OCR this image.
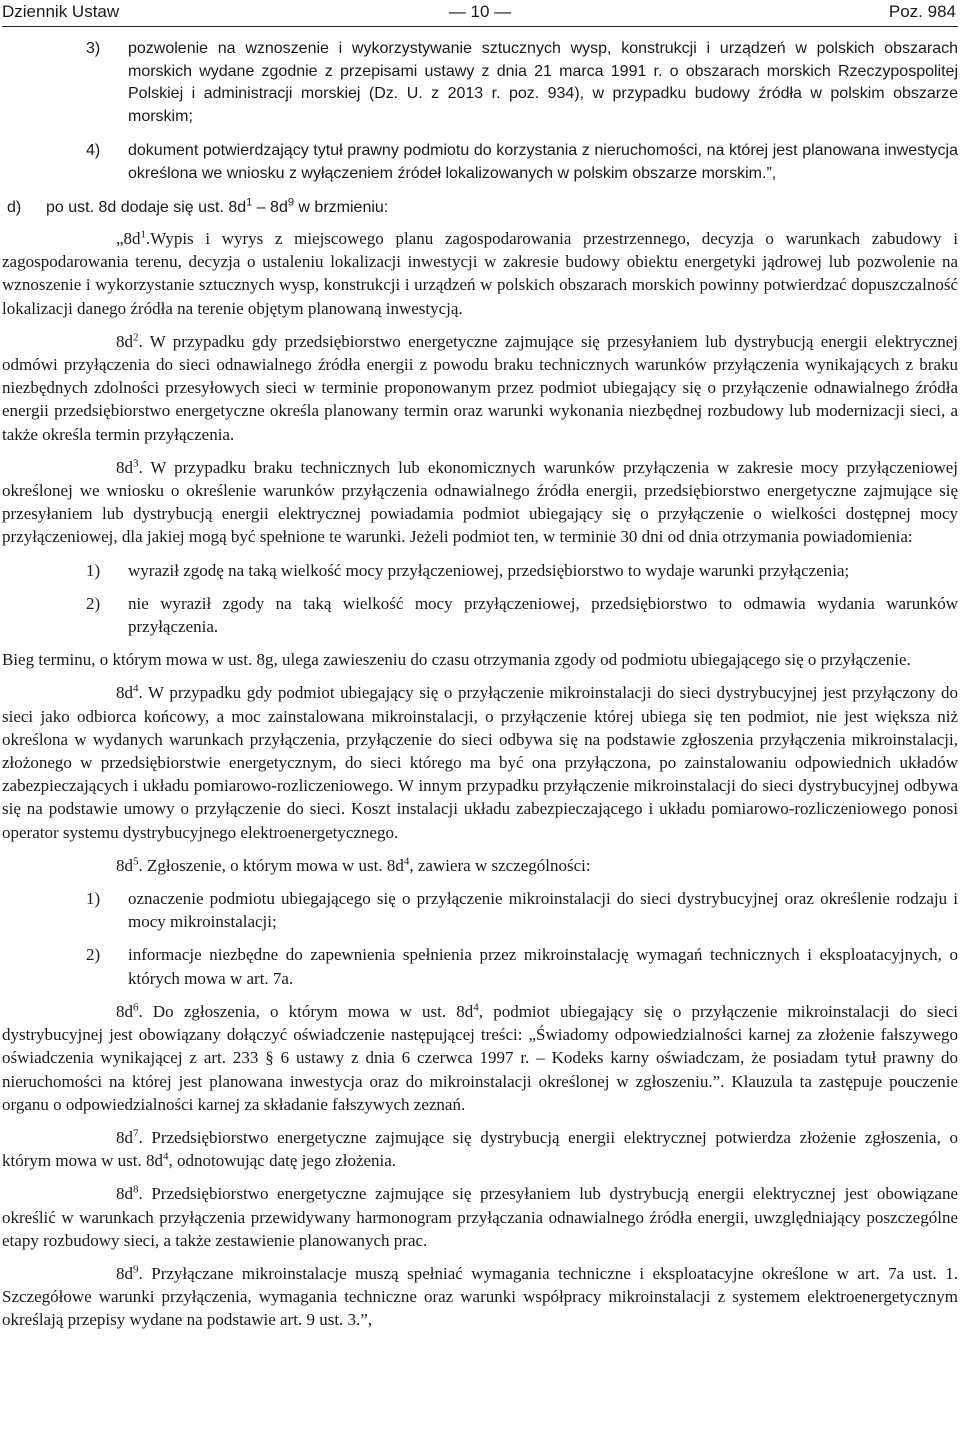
Dziennik Ustaw	— 10 —	Poz. 984
3)	pozwolenie na wznoszenie i wykorzystywanie sztucznych wysp, konstrukcji i urządzeń w polskich obszarach morskich wydane zgodnie z przepisami ustawy z dnia 21 marca 1991 r. o obszarach morskich Rzeczypospolitej Polskiej i administracji morskiej (Dz. U. z 2013 r. poz. 934), w przypadku budowy źródła w polskim obszarze morskim;
4)	dokument potwierdzający tytuł prawny podmiotu do korzystania z nieruchomości, na której jest planowana inwestycja określona we wniosku z wyłączeniem źródeł lokalizowanych w polskim obszarze morskim.”,
d) po ust. 8d dodaje się ust. $8d^1 - 8d^9$ w brzmieniu:

$„8d^1.Wypis$ i wyrys z miejscowego planu zagospodarowania przestrzennego, decyzja o warunkach zabudowy i zagospodarowania terenu, decyzja o ustaleniu lokalizacji inwestycji w zakresie budowy obiektu energetyki jądrowej lub pozwolenie na wznoszenie i wykorzystanie sztucznych wysp, konstrukcji i urządzeń w polskich obszarach morskich powinny potwierdzać dopuszczalność lokalizacji danego źródła na terenie objętym planowaną inwestycją.

$8d^2$. W przypadku gdy przedsiębiorstwo energetyczne zajmujące się przesyłaniem lub dystrybucją energii elektrycznej odmówi przyłączenia do sieci odnawialnego źródła energii z powodu braku technicznych warunków przyłączenia wynikających z braku niezbędnych zdolności przesyłowych sieci w terminie proponowanym przez podmiot ubiegający się o przyłączenie odnawialnego źródła energii przedsiębiorstwo energetyczne określa planowany termin oraz warunki wykonania niezbędnej rozbudowy lub modernizacji sieci, a także określa termin przyłączenia.

$8d^3$. W przypadku braku technicznych lub ekonomicznych warunków przyłączenia w zakresie mocy przyłączeniowej określonej we wniosku o określenie warunków przyłączenia odnawialnego źródła energii, przedsiębiorstwo energetyczne zajmujące się przesyłaniem lub dystrybucją energii elektrycznej powiadamia podmiot ubiegający się o przyłączenie o wielkości dostępnej mocy przyłączeniowej, dla jakiej mogą być spełnione te warunki. Jeżeli podmiot ten, w terminie 30 dni od dnia otrzymania powiadomienia:

1) wyraził zgodę na taką wielkość mocy przyłączeniowej, przedsiębiorstwo to wydaje warunki przyłączenia;
2) nie wyraził zgody na taką wielkość mocy przyłączeniowej, przedsiębiorstwo to odmawia wydania warunków przyłączenia.

Bieg terminu, o którym mowa w ust. 8g, ulega zawieszeniu do czasu otrzymania zgody od podmiotu ubiegającego się o przyłączenie.

$8d^4$. W przypadku gdy podmiot ubiegający się o przyłączenie mikroinstalacji do sieci dystrybucyjnej jest przyłączony do sieci jako odbiorca końcowy, a moc zainstalowana mikroinstalacji, o przyłączenie której ubiega się ten podmiot, nie jest większa niż określona w wydanych warunkach przyłączenia, przyłączenie do sieci odbywa się na podstawie zgłoszenia przyłączenia mikroinstalacji, złożonego w przedsiębiorstwie energetycznym, do sieci którego ma być ona przyłączona, po zainstalowaniu odpowiednich układów zabezpieczających i układu pomiarowo-rozliczeniowego. W innym przypadku przyłączenie mikroinstalacji do sieci dystrybucyjnej odbywa się na podstawie umowy o przyłączenie do sieci. Koszt instalacji układu zabezpieczającego i układu pomiarowo-rozliczeniowego ponosi operator systemu dystrybucyjnego elektroenergetycznego.

$8d^5$. Zgłoszenie, o którym mowa w ust. $8d^4$, zawiera w szczególności:

1) oznaczenie podmiotu ubiegającego się o przyłączenie mikroinstalacji do sieci dystrybucyjnej oraz określenie rodzaju i mocy mikroinstalacji;
2) informacje niezbędne do zapewnienia spełnienia przez mikroinstalację wymagań technicznych i eksploatacyjnych, o których mowa w art. 7a.

$8d^6$. Do zgłoszenia, o którym mowa w ust. $8d^4$, podmiot ubiegający się o przyłączenie mikroinstalacji do sieci dystrybucyjnej jest obowiązany dołączyć oświadczenie następującej treści: „Świadomy odpowiedzialności karnej za złożenie fałszywego oświadczenia wynikającej z art. 233 § 6 ustawy z dnia 6 czerwca 1997 r. – Kodeks karny oświadczam, że posiadam tytuł prawny do nieruchomości na której jest planowana inwestycja oraz do mikroinstalacji określonej w zgłoszeniu.”. Klauzula ta zastępuje pouczenie organu o odpowiedzialności karnej za składanie fałszywych zeznań.

$8d^7$. Przedsiębiorstwo energetyczne zajmujące się dystrybucją energii elektrycznej potwierdza złożenie zgłoszenia, o którym mowa w ust. $8d^4$, odnotowując datę jego złożenia.

$8d^8$. Przedsiębiorstwo energetyczne zajmujące się przesyłaniem lub dystrybucją energii elektrycznej jest obowiązane określić w warunkach przyłączenia przewidywany harmonogram przyłączania odnawialnego źródła energii, uwzględniający poszczególne etapy rozbudowy sieci, a także zestawienie planowanych prac.

$8d^9$. Przyłączane mikroinstalacje muszą spełniać wymagania techniczne i eksploatacyjne określone w art. 7a ust. 1. Szczegółowe warunki przyłączenia, wymagania techniczne oraz warunki współpracy mikroinstalacji z systemem elektroenergetycznym określają przepisy wydane na podstawie art. 9 ust. 3.”,
